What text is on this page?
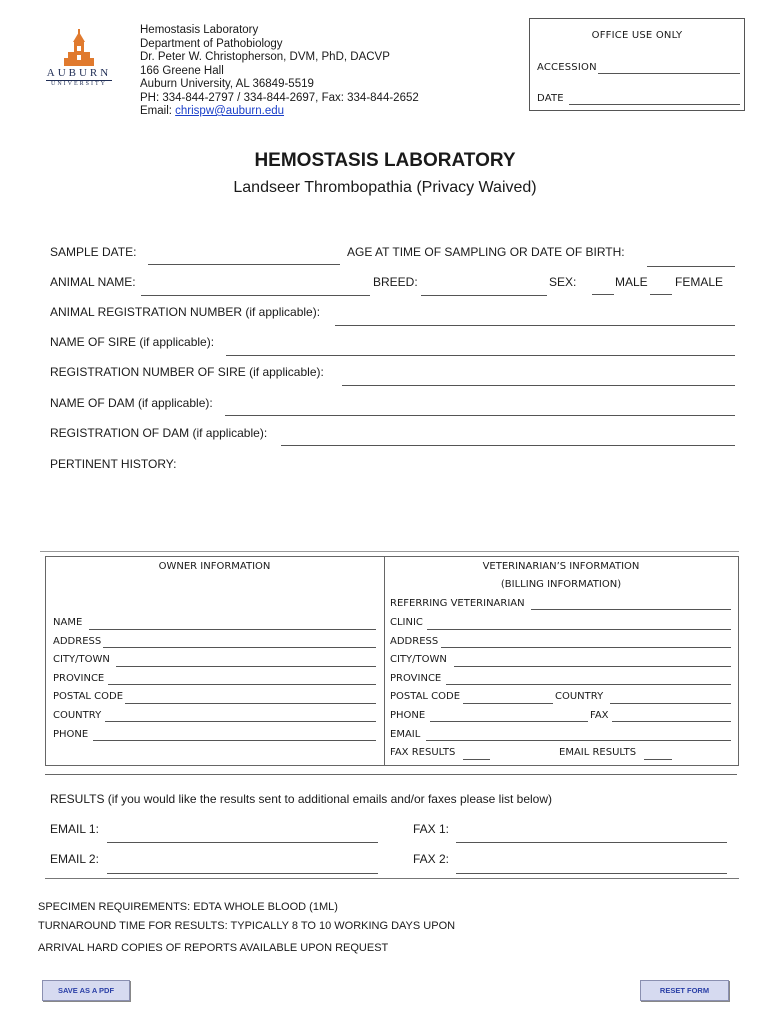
AUBURN
UNIVERSITY
Hemostasis Laboratory
Department of Pathobiology
Dr. Peter W. Christopherson, DVM, PhD, DACVP
166 Greene Hall
Auburn University, AL 36849-5519
PH: 334-844-2797 / 334-844-2697, Fax: 334-844-2652
Email: chrispw@auburn.edu
OFFICE USE ONLY
ACCESSION
DATE
HEMOSTASIS LABORATORY
Landseer Thrombopathia (Privacy Waived)
SAMPLE DATE:	AGE AT TIME OF SAMPLING OR DATE OF BIRTH:
ANIMAL NAME:	BREED:	SEX:	MALE FEMALE
ANIMAL REGISTRATION NUMBER (if applicable):
NAME OF SIRE (if applicable):
REGISTRATION NUMBER OF SIRE (if applicable):
NAME OF DAM (if applicable):
REGISTRATION OF DAM (if applicable):
PERTINENT HISTORY:
OWNER INFORMATION
NAME
ADDRESS
CITY/TOWN
PROVINCE
POSTAL CODE
COUNTRY
PHONE
VETERINARIAN’S INFORMATION
(BILLING INFORMATION)
REFERRING VETERINARIAN
CLINIC
ADDRESS
CITY/TOWN
PROVINCE
POSTAL CODE	COUNTRY
PHONE	FAX
EMAIL
FAX RESULTS	EMAIL RESULTS
RESULTS (if you would like the results sent to additional emails and/or faxes please list below)
EMAIL 1:	FAX 1:
EMAIL 2:	FAX 2:
SPECIMEN REQUIREMENTS: EDTA WHOLE BLOOD (1ML)
TURNAROUND TIME FOR RESULTS: TYPICALLY 8 TO 10 WORKING DAYS UPON
ARRIVAL HARD COPIES OF REPORTS AVAILABLE UPON REQUEST
SAVE AS A PDF	RESET FORM
